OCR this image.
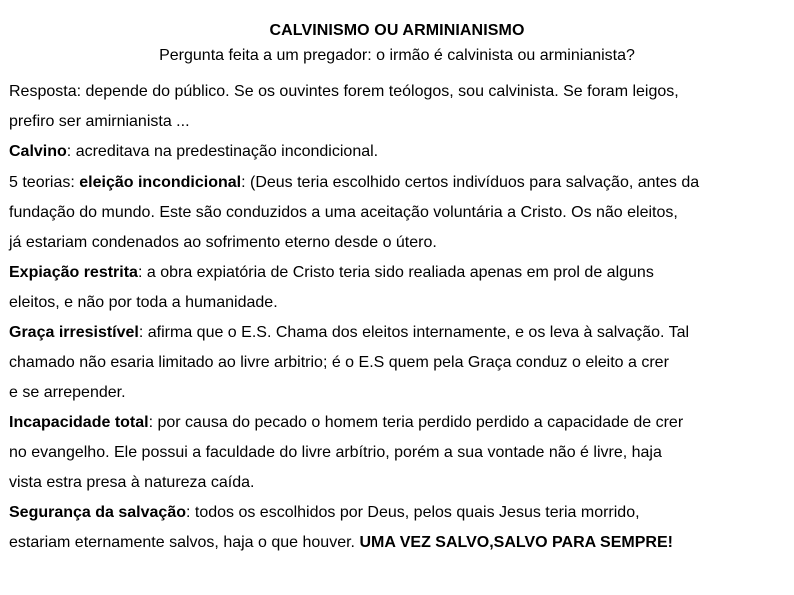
CALVINISMO OU ARMINIANISMO
Pergunta feita a um pregador: o irmão é calvinista ou arminianista?
Resposta: depende do público. Se os ouvintes forem teólogos, sou calvinista. Se foram leigos,
prefiro ser amirnianista ...
Calvino: acreditava na predestinação incondicional.
5 teorias: eleição incondicional: (Deus teria escolhido certos indivíduos para salvação, antes da
fundação do mundo. Este são conduzidos a uma aceitação voluntária a Cristo. Os não eleitos,
já estariam condenados ao sofrimento eterno desde o útero.
Expiação restrita: a obra expiatória de Cristo teria sido realiada apenas em prol de alguns
eleitos, e não por toda a humanidade.
Graça irresistível: afirma que o E.S. Chama dos eleitos internamente, e os leva à salvação. Tal
chamado não esaria limitado ao livre arbitrio; é o E.S quem pela Graça conduz o eleito a crer
e se arrepender.
Incapacidade total: por causa do pecado o homem teria perdido perdido a capacidade de crer
no evangelho. Ele possui a faculdade do livre arbítrio, porém a sua vontade não é livre, haja
vista estra presa à natureza caída.
Segurança da salvação: todos os escolhidos por Deus, pelos quais Jesus teria morrido,
estariam eternamente salvos, haja o que houver. UMA VEZ SALVO,SALVO PARA SEMPRE!
